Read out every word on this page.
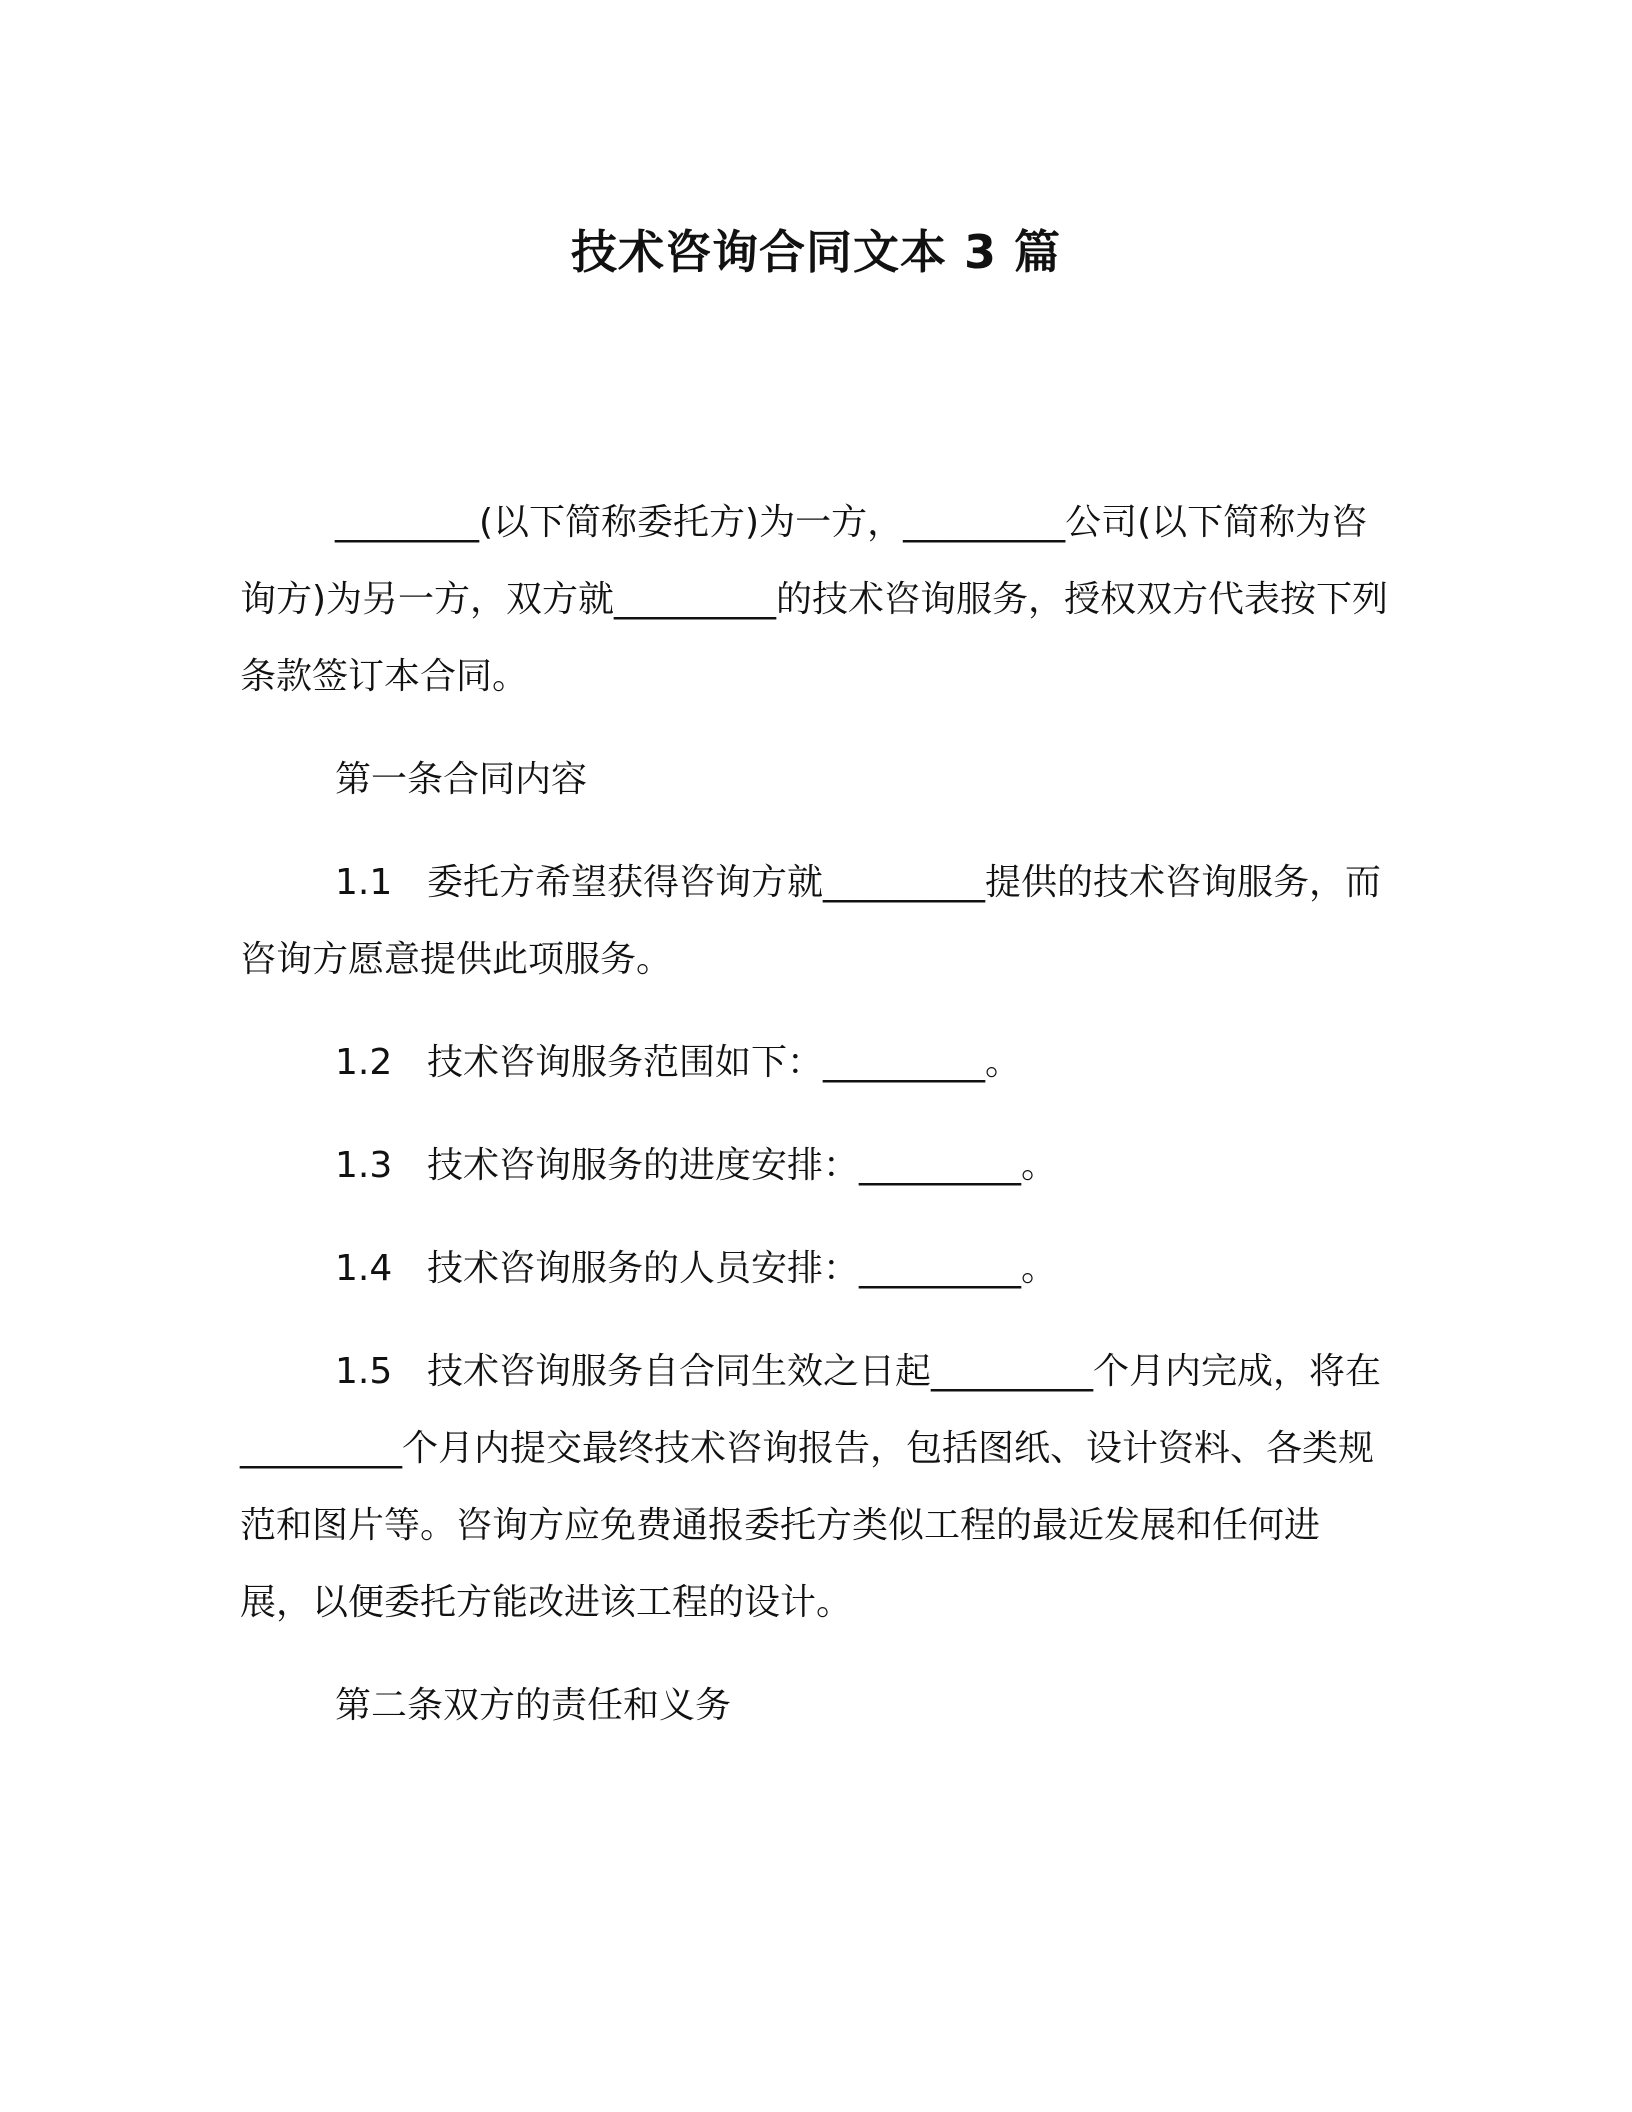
技术咨询合同文本 3 篇

________(以下简称委托方)为一方，_________公司(以下简称为咨询方)为另一方，双方就_________的技术咨询服务，授权双方代表按下列条款签订本合同。

第一条合同内容

1.1 委托方希望获得咨询方就_________提供的技术咨询服务，而咨询方愿意提供此项服务。

1.2 技术咨询服务范围如下：_________。

1.3 技术咨询服务的进度安排：_________。

1.4 技术咨询服务的人员安排：_________。

1.5 技术咨询服务自合同生效之日起_________个月内完成，将在_________个月内提交最终技术咨询报告，包括图纸、设计资料、各类规范和图片等。咨询方应免费通报委托方类似工程的最近发展和任何进展，以便委托方能改进该工程的设计。

第二条双方的责任和义务
